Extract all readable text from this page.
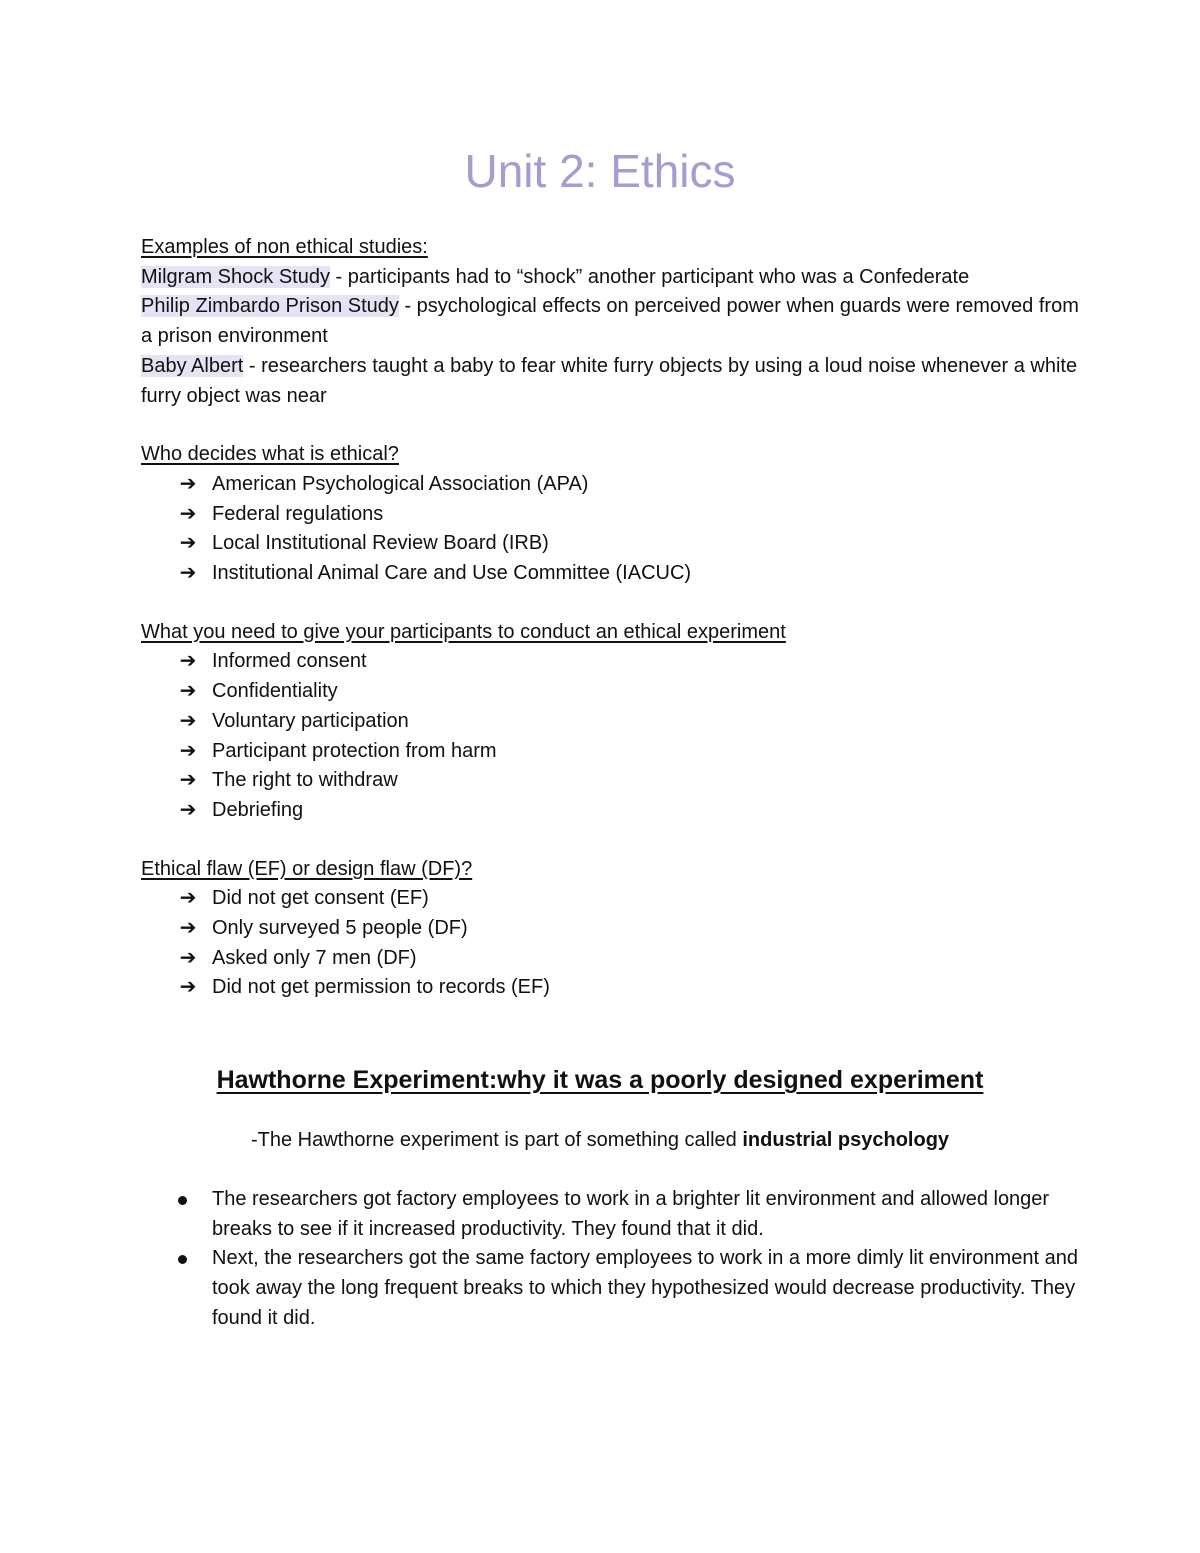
Unit 2: Ethics

Examples of non ethical studies:

Milgram Shock Study - participants had to “shock” another participant who was a Confederate

Philip Zimbardo Prison Study - psychological effects on perceived power when guards were removed from a prison environment

Baby Albert - researchers taught a baby to fear white furry objects by using a loud noise whenever a white furry object was near

Who decides what is ethical?

➔ American Psychological Association (APA)
➔ Federal regulations
➔ Local Institutional Review Board (IRB)
➔ Institutional Animal Care and Use Committee (IACUC)

What you need to give your participants to conduct an ethical experiment

➔ Informed consent
➔ Confidentiality
➔ Voluntary participation
➔ Participant protection from harm
➔ The right to withdraw
➔ Debriefing

Ethical flaw (EF) or design flaw (DF)?

➔ Did not get consent (EF)
➔ Only surveyed 5 people (DF)
➔ Asked only 7 men (DF)
➔ Did not get permission to records (EF)
Hawthorne Experiment:why it was a poorly designed experiment

-The Hawthorne experiment is part of something called industrial psychology

The researchers got factory employees to work in a brighter lit environment and allowed longer breaks to see if it increased productivity. They found that it did.
Next, the researchers got the same factory employees to work in a more dimly lit environment and took away the long frequent breaks to which they hypothesized would decrease productivity. They found it did.
